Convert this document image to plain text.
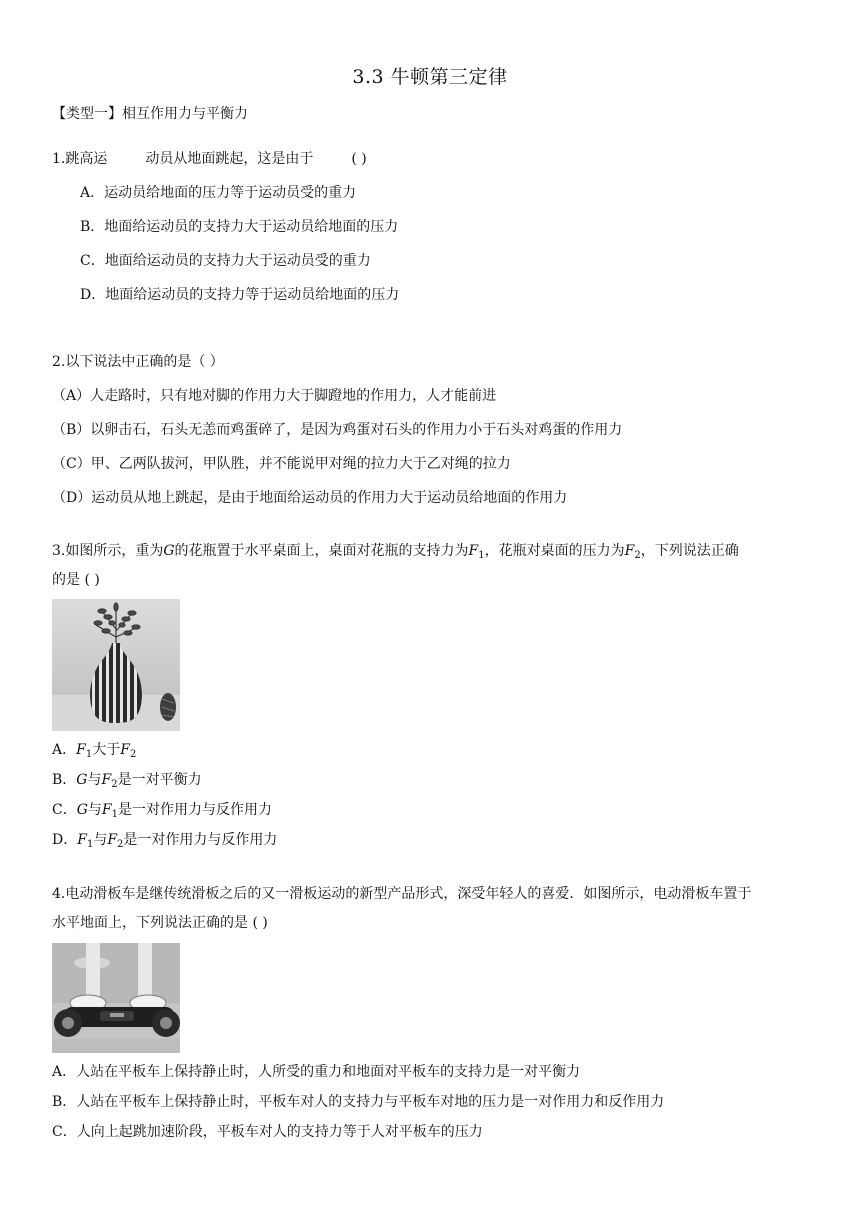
3.3 牛顿第三定律
【类型一】相互作用力与平衡力
1.跳高运	动员从地面跳起，这是由于	( )
A．运动员给地面的压力等于运动员受的重力
B．地面给运动员的支持力大于运动员给地面的压力
C．地面给运动员的支持力大于运动员受的重力
D．地面给运动员的支持力等于运动员给地面的压力
2.以下说法中正确的是（ ）
（A）人走路时，只有地对脚的作用力大于脚蹬地的作用力，人才能前进
（B）以卵击石，石头无恙而鸡蛋碎了，是因为鸡蛋对石头的作用力小于石头对鸡蛋的作用力
（C）甲、乙两队拔河，甲队胜，并不能说甲对绳的拉力大于乙对绳的拉力
（D）运动员从地上跳起，是由于地面给运动员的作用力大于运动员给地面的作用力
3.如图所示，重为G的花瓶置于水平桌面上，桌面对花瓶的支持力为$F_1$，花瓶对桌面的压力为$F_2$，下列说法正确
的是 ( )
A．$F_1$大于$F_2$
B．G与$F_2$是一对平衡力
C．G与$F_1$是一对作用力与反作用力
D．$F_1$与$F_2$是一对作用力与反作用力
4.电动滑板车是继传统滑板之后的又一滑板运动的新型产品形式，深受年轻人的喜爱．如图所示，电动滑板车置于
水平地面上，下列说法正确的是 ( )
A．人站在平板车上保持静止时，人所受的重力和地面对平板车的支持力是一对平衡力
B．人站在平板车上保持静止时，平板车对人的支持力与平板车对地的压力是一对作用力和反作用力
C．人向上起跳加速阶段，平板车对人的支持力等于人对平板车的压力
